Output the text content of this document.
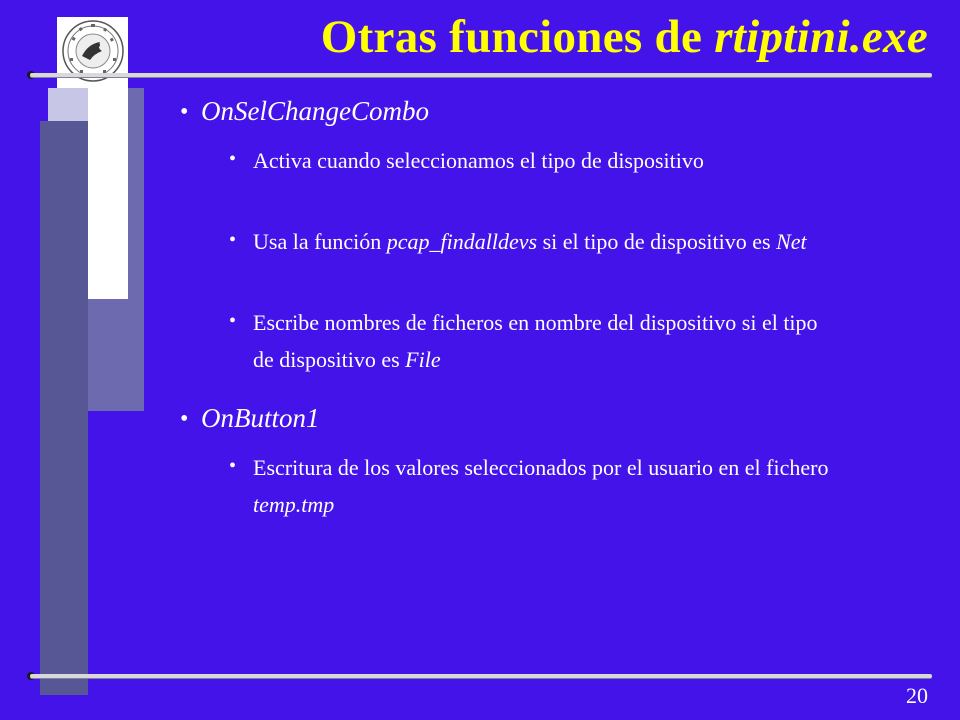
Otras funciones de rtiptini.exe
• OnSelChangeCombo
• Activa cuando seleccionamos el tipo de dispositivo
• Usa la función pcap_findalldevs si el tipo de dispositivo es Net
• Escribe nombres de ficheros en nombre del dispositivo si el tipo de dispositivo es File
• OnButton1
• Escritura de los valores seleccionados por el usuario en el fichero temp.tmp
20
